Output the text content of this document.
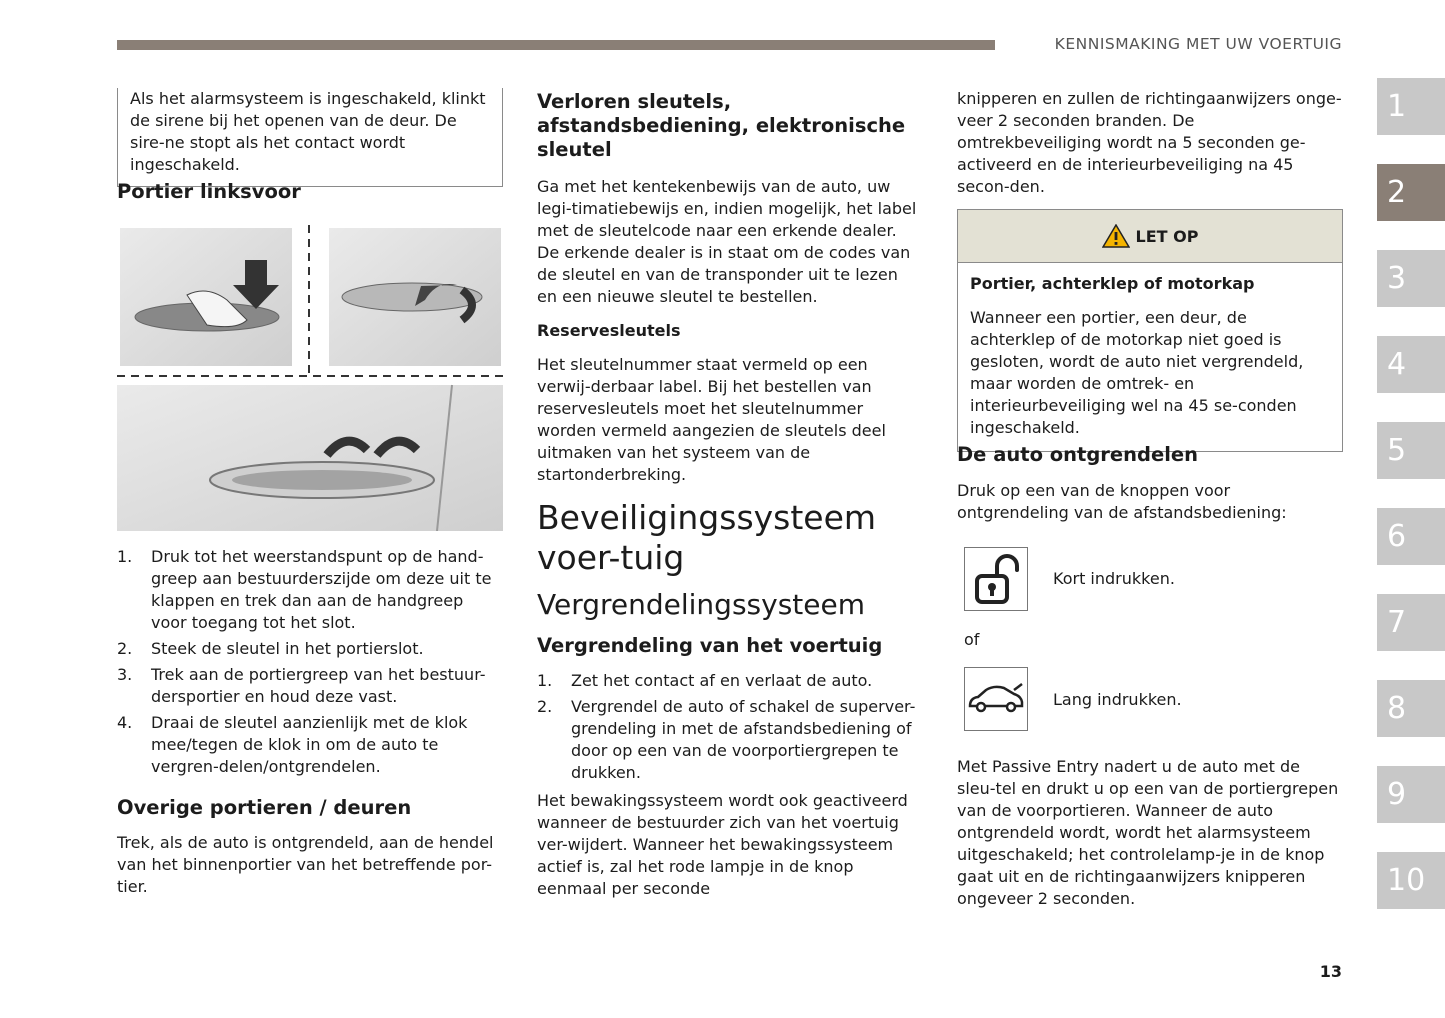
KENNISMAKING MET UW VOERTUIG

Als het alarmsysteem is ingeschakeld, klinkt de sirene bij het openen van de deur. De sire-ne stopt als het contact wordt ingeschakeld.

Portier linksvoor
1. Druk tot het weerstandspunt op de hand-greep aan bestuurderszijde om deze uit te klappen en trek dan aan de handgreep voor toegang tot het slot.
2. Steek de sleutel in het portierslot.
3. Trek aan de portiergreep van het bestuur-dersportier en houd deze vast.
4. Draai de sleutel aanzienlijk met de klok mee/tegen de klok in om de auto te vergren-delen/ontgrendelen.
Overige portieren / deuren

Trek, als de auto is ontgrendeld, aan de hendel van het binnenportier van het betreffende por-tier.

Verloren sleutels, afstandsbediening, elektronische sleutel

Ga met het kentekenbewijs van de auto, uw legi-timatiebewijs en, indien mogelijk, het label met de sleutelcode naar een erkende dealer. De erkende dealer is in staat om de codes van de sleutel en van de transponder uit te lezen en een nieuwe sleutel te bestellen.

Reservesleutels

Het sleutelnummer staat vermeld op een verwij-derbaar label. Bij het bestellen van reservesleutels moet het sleutelnummer worden vermeld aangezien de sleutels deel uitmaken van het systeem van de startonderbreking.

Beveiligingssysteem voer-tuig
Vergrendelingssysteem
Vergrendeling van het voertuig
1. Zet het contact af en verlaat de auto.
2. Vergrendel de auto of schakel de superver-grendeling in met de afstandsbediening of door op een van de voorportiergrepen te drukken.

Het bewakingssysteem wordt ook geactiveerd wanneer de bestuurder zich van het voertuig ver-wijdert. Wanneer het bewakingssysteem actief is, zal het rode lampje in de knop eenmaal per seconde

knipperen en zullen de richtingaanwijzers onge-veer 2 seconden branden. De omtrekbeveiliging wordt na 5 seconden ge-activeerd en de interieurbeveiliging na 45 secon-den.

LET OP
Portier, achterklep of motorkap

Wanneer een portier, een deur, de achterklep of de motorkap niet goed is gesloten, wordt de auto niet vergrendeld, maar worden de omtrek- en interieurbeveiliging wel na 45 se-conden ingeschakeld.

De auto ontgrendelen

Druk op een van de knoppen voor ontgrendeling van de afstandsbediening:

Kort indrukken.

of

Lang indrukken.

Met Passive Entry nadert u de auto met de sleu-tel en drukt u op een van de portiergrepen van de voorportieren. Wanneer de auto ontgrendeld wordt, wordt het alarmsysteem uitgeschakeld; het controlelamp-je in de knop gaat uit en de richtingaanwijzers knipperen ongeveer 2 seconden.

1
2
3
4
5
6
7
8
9
10
13
